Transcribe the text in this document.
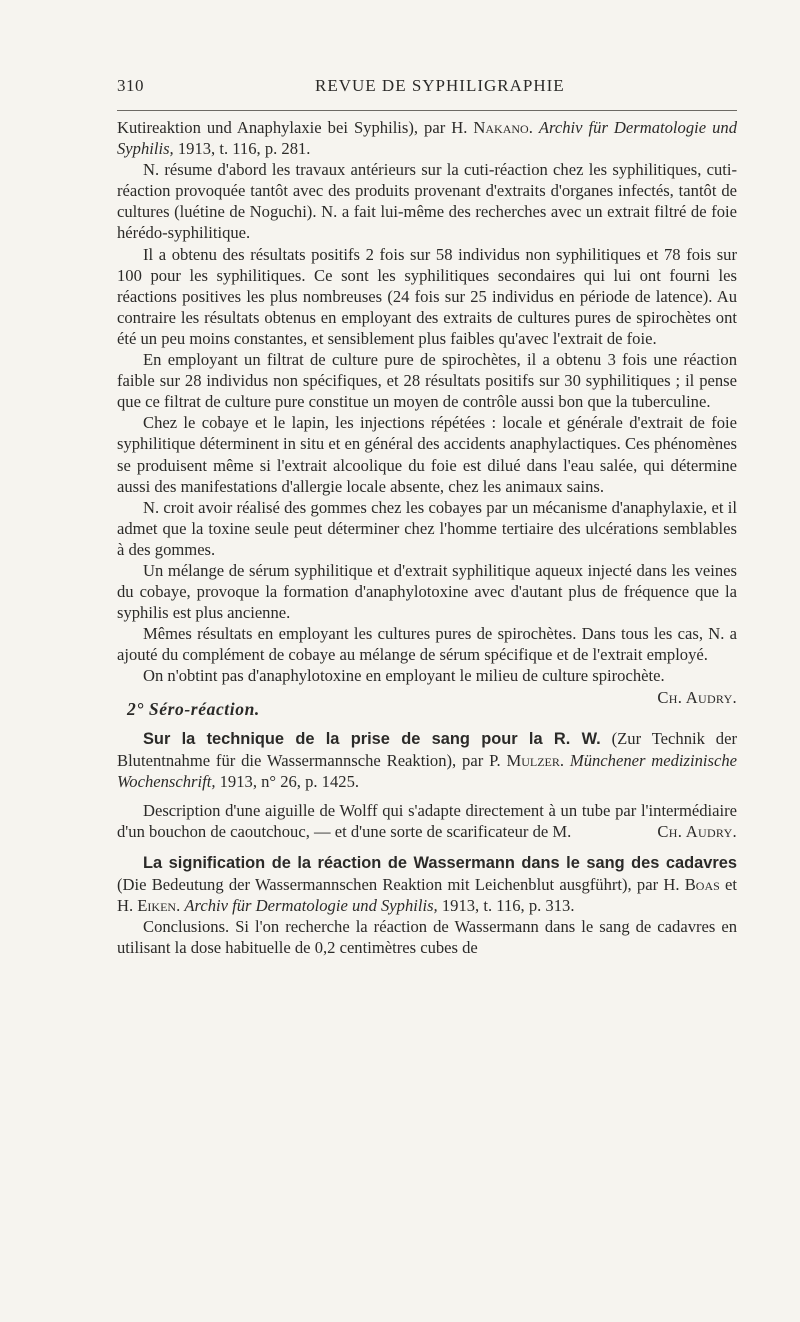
310	REVUE DE SYPHILIGRAPHIE

Kutireaktion und Anaphylaxie bei Syphilis), par H. Nakano. Archiv für Dermatologie und Syphilis, 1913, t. 116, p. 281.

N. résume d'abord les travaux antérieurs sur la cuti-réaction chez les syphilitiques, cuti-réaction provoquée tantôt avec des produits provenant d'extraits d'organes infectés, tantôt de cultures (luétine de Noguchi). N. a fait lui-même des recherches avec un extrait filtré de foie hérédo-syphilitique.

Il a obtenu des résultats positifs 2 fois sur 58 individus non syphilitiques et 78 fois sur 100 pour les syphilitiques. Ce sont les syphilitiques secondaires qui lui ont fourni les réactions positives les plus nombreuses (24 fois sur 25 individus en période de latence). Au contraire les résultats obtenus en employant des extraits de cultures pures de spirochètes ont été un peu moins constantes, et sensiblement plus faibles qu'avec l'extrait de foie.

En employant un filtrat de culture pure de spirochètes, il a obtenu 3 fois une réaction faible sur 28 individus non spécifiques, et 28 résultats positifs sur 30 syphilitiques ; il pense que ce filtrat de culture pure constitue un moyen de contrôle aussi bon que la tuberculine.

Chez le cobaye et le lapin, les injections répétées : locale et générale d'extrait de foie syphilitique déterminent in situ et en général des accidents anaphylactiques. Ces phénomènes se produisent même si l'extrait alcoolique du foie est dilué dans l'eau salée, qui détermine aussi des manifestations d'allergie locale absente, chez les animaux sains.

N. croit avoir réalisé des gommes chez les cobayes par un mécanisme d'anaphylaxie, et il admet que la toxine seule peut déterminer chez l'homme tertiaire des ulcérations semblables à des gommes.

Un mélange de sérum syphilitique et d'extrait syphilitique aqueux injecté dans les veines du cobaye, provoque la formation d'anaphylotoxine avec d'autant plus de fréquence que la syphilis est plus ancienne.

Mêmes résultats en employant les cultures pures de spirochètes. Dans tous les cas, N. a ajouté du complément de cobaye au mélange de sérum spécifique et de l'extrait employé.

On n'obtint pas d'anaphylotoxine en employant le milieu de culture spirochète.
Ch. Audry.

2° Séro-réaction.

Sur la technique de la prise de sang pour la R. W. (Zur Technik der Blutentnahme für die Wassermannsche Reaktion), par P. Mulzer. Münchener medizinische Wochenschrift, 1913, n° 26, p. 1425.

Description d'une aiguille de Wolff qui s'adapte directement à un tube par l'intermédiaire d'un bouchon de caoutchouc, — et d'une sorte de scarificateur de M.	Ch. Audry.

La signification de la réaction de Wassermann dans le sang des cadavres (Die Bedeutung der Wassermannschen Reaktion mit Leichenblut ausgführt), par H. Boas et H. Eiken. Archiv für Dermatologie und Syphilis, 1913, t. 116, p. 313.

Conclusions. Si l'on recherche la réaction de Wassermann dans le sang de cadavres en utilisant la dose habituelle de 0,2 centimètres cubes de
